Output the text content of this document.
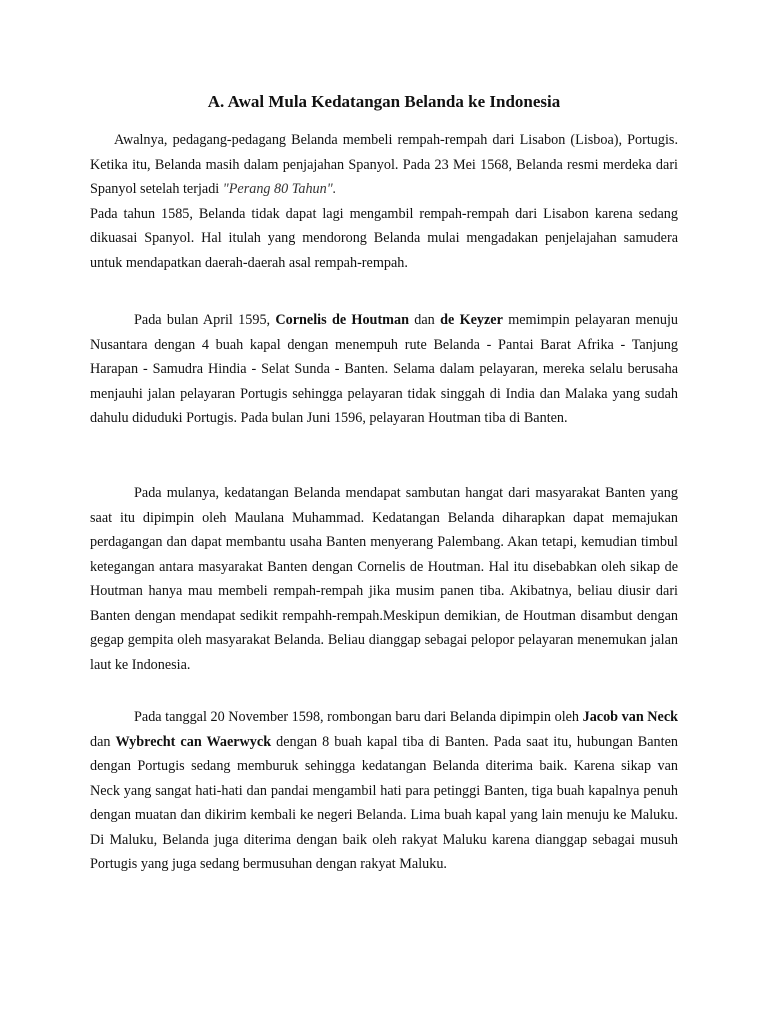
A. Awal Mula Kedatangan Belanda ke Indonesia

Awalnya, pedagang-pedagang Belanda membeli rempah-rempah dari Lisabon (Lisboa), Portugis. Ketika itu, Belanda masih dalam penjajahan Spanyol. Pada 23 Mei 1568, Belanda resmi merdeka dari Spanyol setelah terjadi "Perang 80 Tahun".

Pada tahun 1585, Belanda tidak dapat lagi mengambil rempah-rempah dari Lisabon karena sedang dikuasai Spanyol. Hal itulah yang mendorong Belanda mulai mengadakan penjelajahan samudera untuk mendapatkan daerah-daerah asal rempah-rempah.

Pada bulan April 1595, Cornelis de Houtman dan de Keyzer memimpin pelayaran menuju Nusantara dengan 4 buah kapal dengan menempuh rute Belanda - Pantai Barat Afrika - Tanjung Harapan - Samudra Hindia - Selat Sunda - Banten. Selama dalam pelayaran, mereka selalu berusaha menjauhi jalan pelayaran Portugis sehingga pelayaran tidak singgah di India dan Malaka yang sudah dahulu diduduki Portugis. Pada bulan Juni 1596, pelayaran Houtman tiba di Banten.

Pada mulanya, kedatangan Belanda mendapat sambutan hangat dari masyarakat Banten yang saat itu dipimpin oleh Maulana Muhammad. Kedatangan Belanda diharapkan dapat memajukan perdagangan dan dapat membantu usaha Banten menyerang Palembang. Akan tetapi, kemudian timbul ketegangan antara masyarakat Banten dengan Cornelis de Houtman. Hal itu disebabkan oleh sikap de Houtman hanya mau membeli rempah-rempah jika musim panen tiba. Akibatnya, beliau diusir dari Banten dengan mendapat sedikit rempahh-rempah.Meskipun demikian, de Houtman disambut dengan gegap gempita oleh masyarakat Belanda. Beliau dianggap sebagai pelopor pelayaran menemukan jalan laut ke Indonesia.

Pada tanggal 20 November 1598, rombongan baru dari Belanda dipimpin oleh Jacob van Neck dan Wybrecht can Waerwyck dengan 8 buah kapal tiba di Banten. Pada saat itu, hubungan Banten dengan Portugis sedang memburuk sehingga kedatangan Belanda diterima baik. Karena sikap van Neck yang sangat hati-hati dan pandai mengambil hati para petinggi Banten, tiga buah kapalnya penuh dengan muatan dan dikirim kembali ke negeri Belanda. Lima buah kapal yang lain menuju ke Maluku. Di Maluku, Belanda juga diterima dengan baik oleh rakyat Maluku karena dianggap sebagai musuh Portugis yang juga sedang bermusuhan dengan rakyat Maluku.
